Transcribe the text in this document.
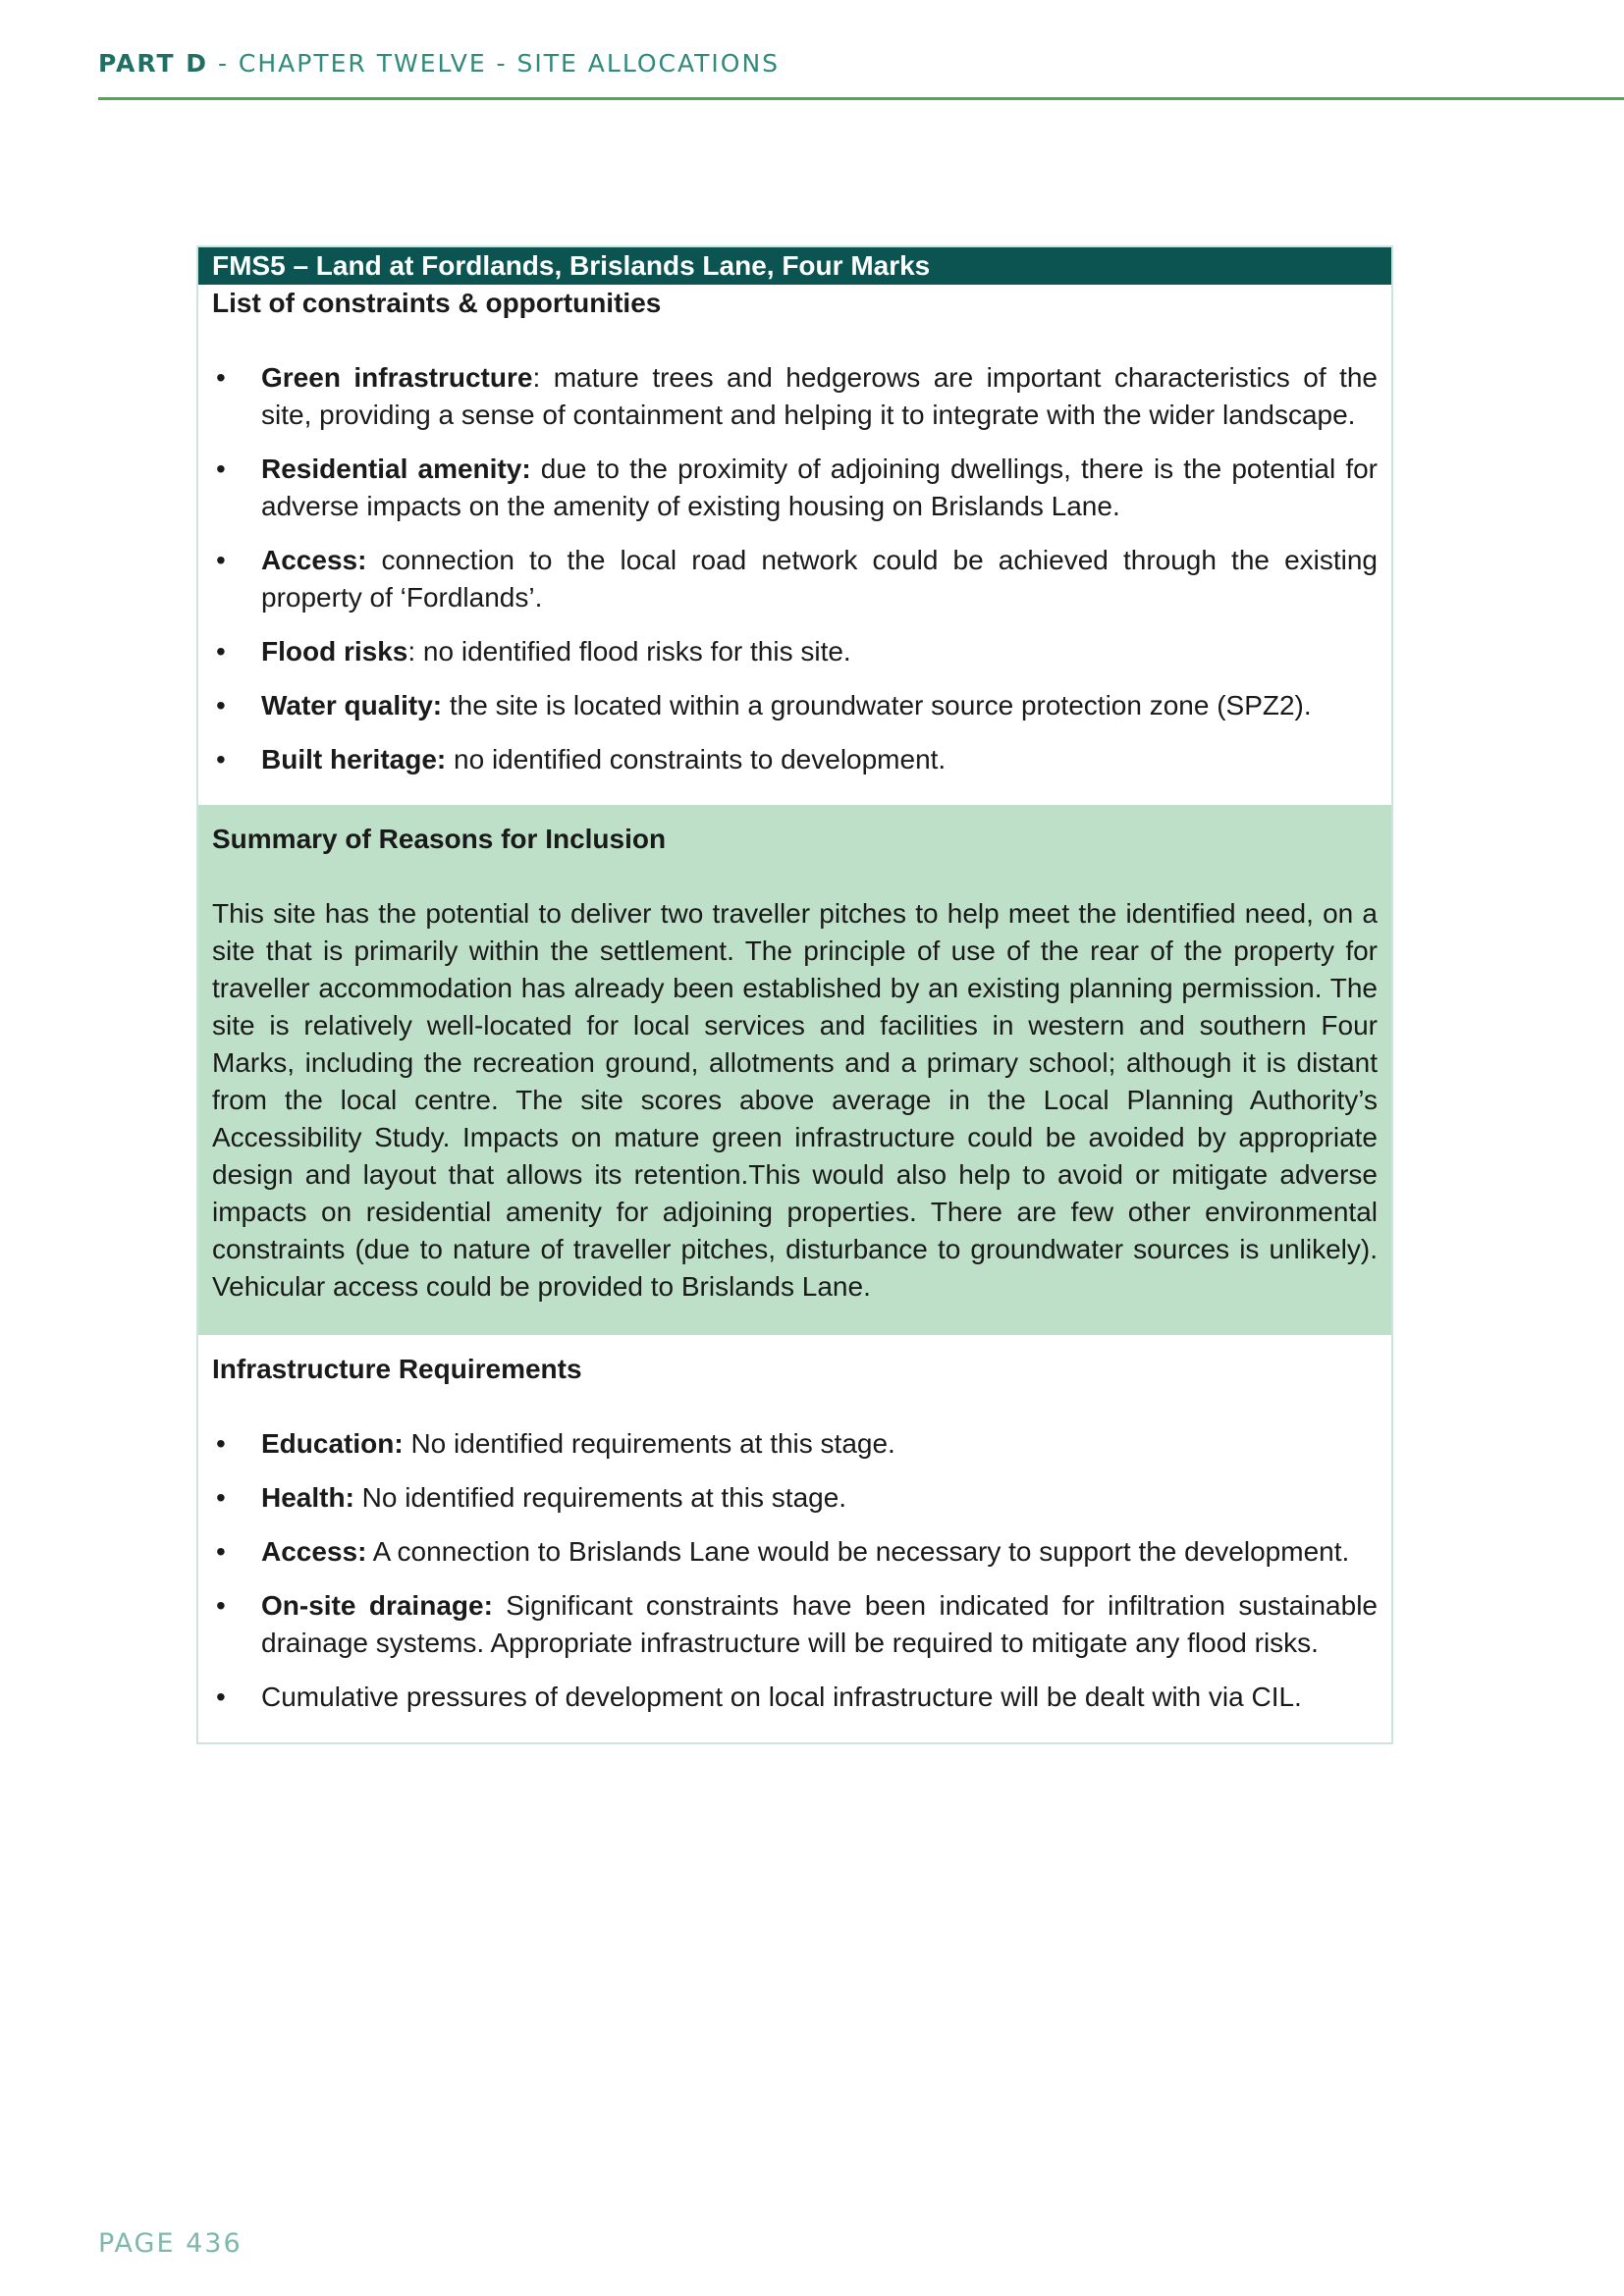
PART D - CHAPTER TWELVE - SITE ALLOCATIONS
FMS5 – Land at Fordlands, Brislands Lane, Four Marks
List of constraints & opportunities
• Green infrastructure: mature trees and hedgerows are important characteristics of the site, providing a sense of containment and helping it to integrate with the wider landscape.
• Residential amenity: due to the proximity of adjoining dwellings, there is the potential for adverse impacts on the amenity of existing housing on Brislands Lane.
• Access: connection to the local road network could be achieved through the existing property of ‘Fordlands’.
• Flood risks: no identified flood risks for this site.
• Water quality: the site is located within a groundwater source protection zone (SPZ2).
• Built heritage: no identified constraints to development.
Summary of Reasons for Inclusion

This site has the potential to deliver two traveller pitches to help meet the identified need, on a site that is primarily within the settlement. The principle of use of the rear of the property for traveller accommodation has already been established by an existing planning permission. The site is relatively well-located for local services and facilities in western and southern Four Marks, including the recreation ground, allotments and a primary school; although it is distant from the local centre. The site scores above average in the Local Planning Authority’s Accessibility Study. Impacts on mature green infrastructure could be avoided by appropriate design and layout that allows its retention.This would also help to avoid or mitigate adverse impacts on residential amenity for adjoining properties. There are few other environmental constraints (due to nature of traveller pitches, disturbance to groundwater sources is unlikely). Vehicular access could be provided to Brislands Lane.

Infrastructure Requirements
• Education: No identified requirements at this stage.
• Health: No identified requirements at this stage.
• Access: A connection to Brislands Lane would be necessary to support the development.
• On-site drainage: Significant constraints have been indicated for infiltration sustainable drainage systems. Appropriate infrastructure will be required to mitigate any flood risks.
• Cumulative pressures of development on local infrastructure will be dealt with via CIL.
PAGE 436
